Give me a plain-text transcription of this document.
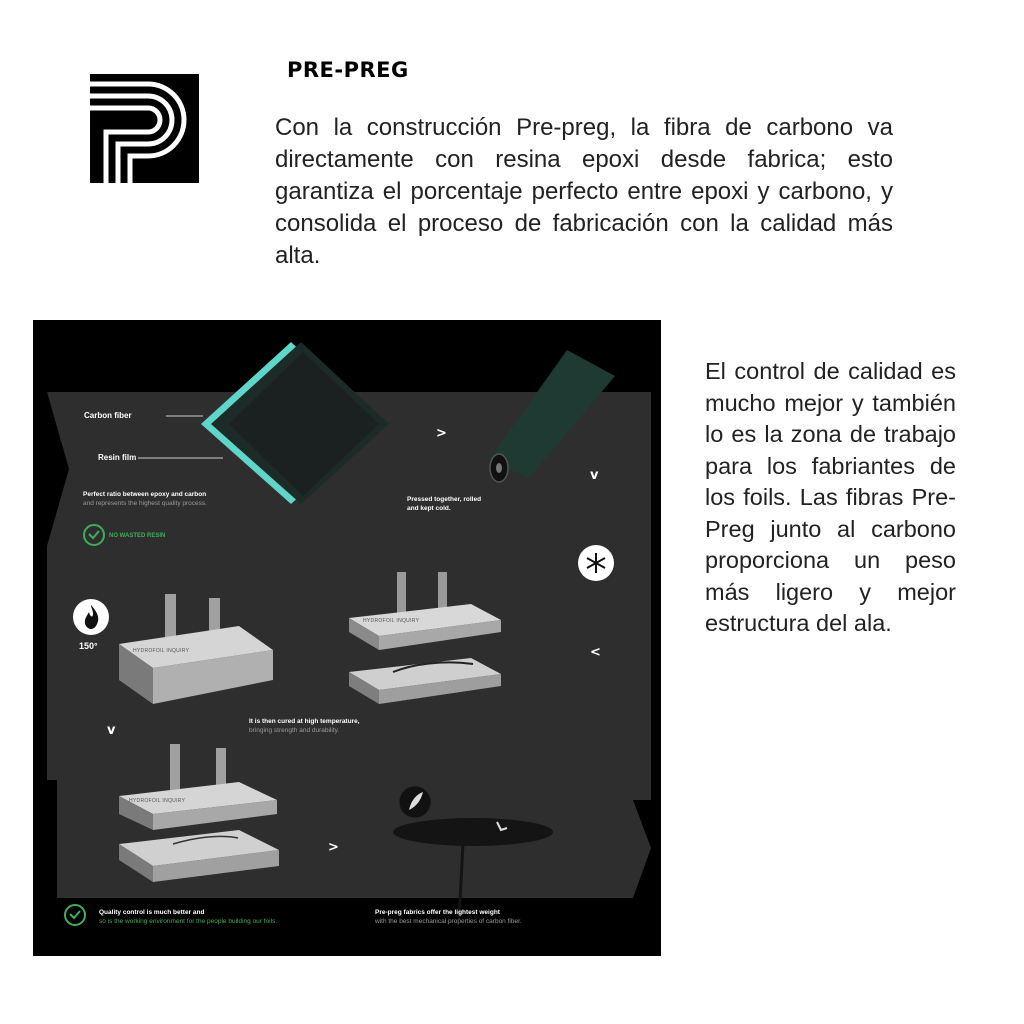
PRE-PREG
Con la construcción Pre-preg, la fibra de carbono va directamente con resina epoxi desde fabrica; esto garantiza el porcentaje perfecto entre epoxi y carbono, y consolida el proceso de fabricación con la calidad más alta.
Carbon fiber
Resin film
Perfect ratio between epoxy and carbon
and represents the highest quality process.
NO WASTED RESIN
Pressed together, rolled
and kept cold.
150°
It is then cured at high temperature,
bringing strength and durability.
Quality control is much better and
so is the working environment for the people building our foils.
Pre-preg fabrics offer the lightest weight
with the best mechanical properties of carbon fiber.
HYDROFOIL INQUIRY
HYDROFOIL INQUIRY
HYDROFOIL INQUIRY
>
v
<
v
>
El control de calidad es mucho mejor y también lo es la zona de trabajo para los fabriantes de los foils. Las fibras Pre-Preg junto al carbono proporciona un peso más ligero y mejor estructura del ala.
